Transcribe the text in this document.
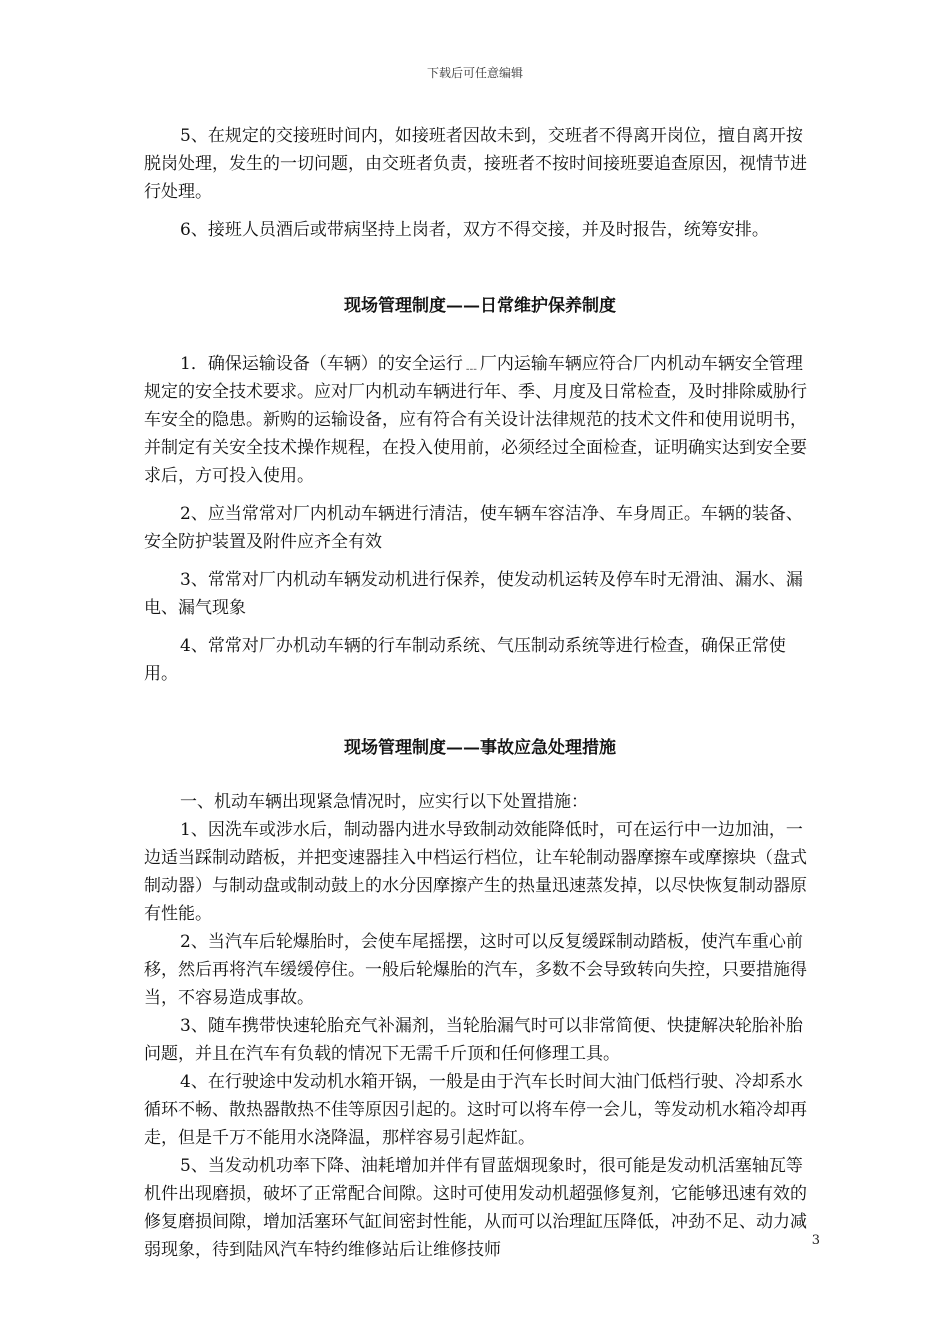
下载后可任意编辑

5、在规定的交接班时间内，如接班者因故未到，交班者不得离开岗位，擅自离开按脱岗处理，发生的一切问题，由交班者负责，接班者不按时间接班要追查原因，视情节进行处理。

6、接班人员酒后或带病坚持上岗者，双方不得交接，并及时报告，统筹安排。

现场管理制度——日常维护保养制度

1．确保运输设备（车辆）的安全运行﹍厂内运输车辆应符合厂内机动车辆安全管理规定的安全技术要求。应对厂内机动车辆进行年、季、月度及日常检查，及时排除威胁行车安全的隐患。新购的运输设备，应有符合有关设计法律规范的技术文件和使用说明书，并制定有关安全技术操作规程，在投入使用前，必须经过全面检查，证明确实达到安全要求后，方可投入使用。

2、应当常常对厂内机动车辆进行清洁，使车辆车容洁净、车身周正。车辆的装备、安全防护装置及附件应齐全有效

3、常常对厂内机动车辆发动机进行保养，使发动机运转及停车时无滑油、漏水、漏电、漏气现象

4、常常对厂办机动车辆的行车制动系统、气压制动系统等进行检查，确保正常使用。

现场管理制度——事故应急处理措施

一、机动车辆出现紧急情况时，应实行以下处置措施：

1、因洗车或涉水后，制动器内进水导致制动效能降低时，可在运行中一边加油，一边适当踩制动踏板，并把变速器挂入中档运行档位，让车轮制动器摩擦车或摩擦块（盘式制动器）与制动盘或制动鼓上的水分因摩擦产生的热量迅速蒸发掉，以尽快恢复制动器原有性能。

2、当汽车后轮爆胎时，会使车尾摇摆，这时可以反复缓踩制动踏板，使汽车重心前移，然后再将汽车缓缓停住。一般后轮爆胎的汽车，多数不会导致转向失控，只要措施得当，不容易造成事故。

3、随车携带快速轮胎充气补漏剂，当轮胎漏气时可以非常简便、快捷解决轮胎补胎问题，并且在汽车有负载的情况下无需千斤顶和任何修理工具。

4、在行驶途中发动机水箱开锅，一般是由于汽车长时间大油门低档行驶、冷却系水循环不畅、散热器散热不佳等原因引起的。这时可以将车停一会儿，等发动机水箱冷却再走，但是千万不能用水浇降温，那样容易引起炸缸。

5、当发动机功率下降、油耗增加并伴有冒蓝烟现象时，很可能是发动机活塞轴瓦等机件出现磨损，破坏了正常配合间隙。这时可使用发动机超强修复剂，它能够迅速有效的修复磨损间隙，增加活塞环气缸间密封性能，从而可以治理缸压降低，冲劲不足、动力减弱现象，待到陆风汽车特约维修站后让维修技师	3
